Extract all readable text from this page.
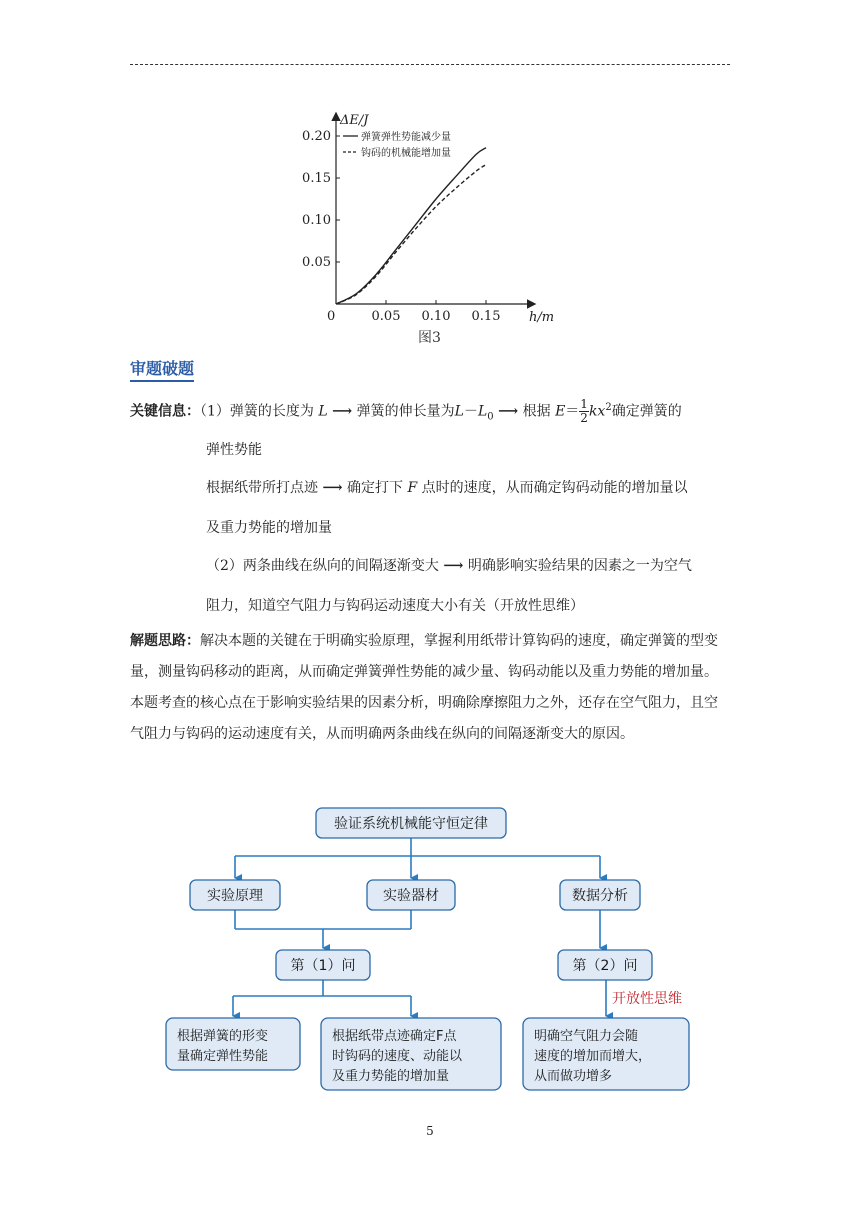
ΔE/J
h/m
0	0.05 0.10 0.15
0.05
0.10
0.15
0.20	弹簧弹性势能减少量
钩码的机械能增加量
图3
审题破题
关键信息：（1）弹簧的长度为 L ⟶ 弹簧的伸长量为$L-L_0$ ⟶ 根据 $E= \frac{1}{2} kx^2$确定弹簧的
弹性势能
根据纸带所打点迹 ⟶ 确定打下 F 点时的速度，从而确定钩码动能的增加量以
及重力势能的增加量
（2）两条曲线在纵向的间隔逐渐变大 ⟶ 明确影响实验结果的因素之一为空气
阻力，知道空气阻力与钩码运动速度大小有关（开放性思维）
解题思路：解决本题的关键在于明确实验原理，掌握利用纸带计算钩码的速度，确定弹簧的型变量，测量钩码移动的距离，从而确定弹簧弹性势能的减少量、钩码动能以及重力势能的增加量。本题考查的核心点在于影响实验结果的因素分析，明确除摩擦阻力之外，还存在空气阻力，且空气阻力与钩码的运动速度有关，从而明确两条曲线在纵向的间隔逐渐变大的原因。
验证系统机械能守恒定律
实验原理	实验器材	数据分析
第（1）问	第（2）问
开放性思维
根据弹簧的形变
量确定弹性势能
根据纸带点迹确定F点
时钩码的速度、动能以
及重力势能的增加量
明确空气阻力会随
速度的增加而增大，
从而做功增多
5
